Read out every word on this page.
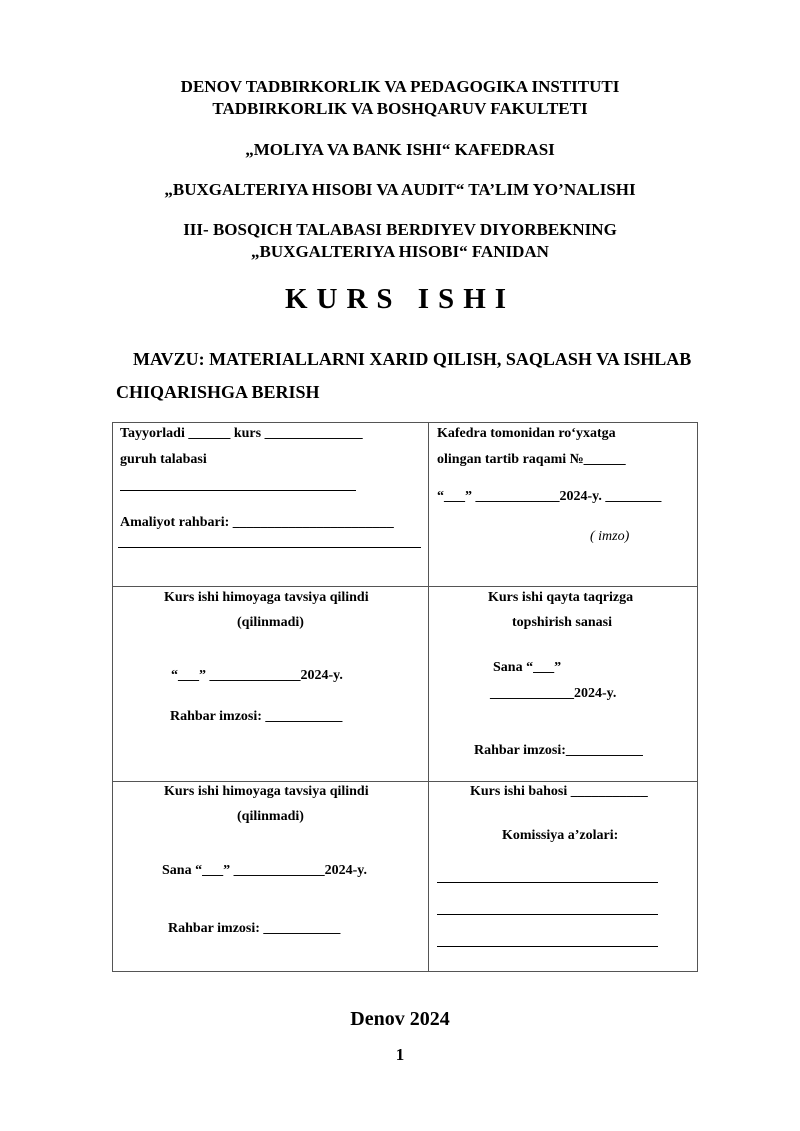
DENOV TADBIRKORLIK VA PEDAGOGIKA INSTITUTI
TADBIRKORLIK VA BOSHQARUV FAKULTETI
„MOLIYA VA BANK ISHI“ KAFEDRASI
„BUXGALTERIYA HISOBI VA AUDIT“ TA’LIM YO’NALISHI
III- BOSQICH TALABASI BERDIYEV DIYORBEKNING
„BUXGALTERIYA HISOBI“ FANIDAN
KURS ISHI
MAVZU: MATERIALLARNI XARID QILISH, SAQLASH VA ISHLAB
CHIQARISHGA BERISH
Tayyorladi ______ kurs ______________
guruh talabasi
Amaliyot rahbari: _______________________
Kafedra tomonidan ro‘yxatga
olingan tartib raqami №______
“___” ____________2024-y. ________
( imzo)
Kurs ishi himoyaga tavsiya qilindi
(qilinmadi)
“___” _____________2024-y.
Rahbar imzosi: ___________
Kurs ishi qayta taqrizga
topshirish sanasi
Sana “___”
____________2024-y.
Rahbar imzosi:___________
Kurs ishi himoyaga tavsiya qilindi
(qilinmadi)
Sana “___” _____________2024-y.
Rahbar imzosi: ___________
Kurs ishi bahosi ___________
Komissiya a’zolari:
Denov 2024
1
